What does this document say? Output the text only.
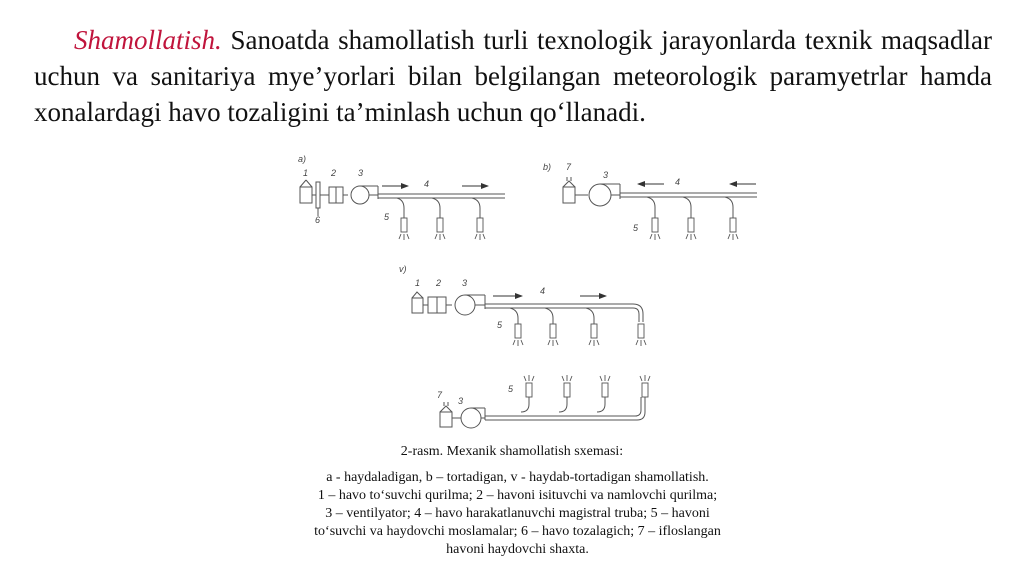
Shamollatish. Sanoatda shamollatish turli texnologik jarayonlarda texnik maqsadlar uchun va sanitariya mye’yorlari bilan belgilangan meteorologik paramyetrlar hamda xonalardagi havo tozaligini ta’minlash uchun qo‘llanadi.

a)
1	2 3
4
5
6
b) 7
3
4
5
v)
1 2 3
4
5
5
7
3
2-rasm. Mexanik shamollatish sxemasi:

a - haydaladigan, b – tortadigan, v - haydab-tortadigan shamollatish.
1 – havo to‘suvchi qurilma; 2 – havoni isituvchi va namlovchi qurilma;
3 – ventilyator; 4 – havo harakatlanuvchi magistral truba; 5 – havoni
to‘suvchi va haydovchi moslamalar; 6 – havo tozalagich; 7 – ifloslangan
havoni haydovchi shaxta.
